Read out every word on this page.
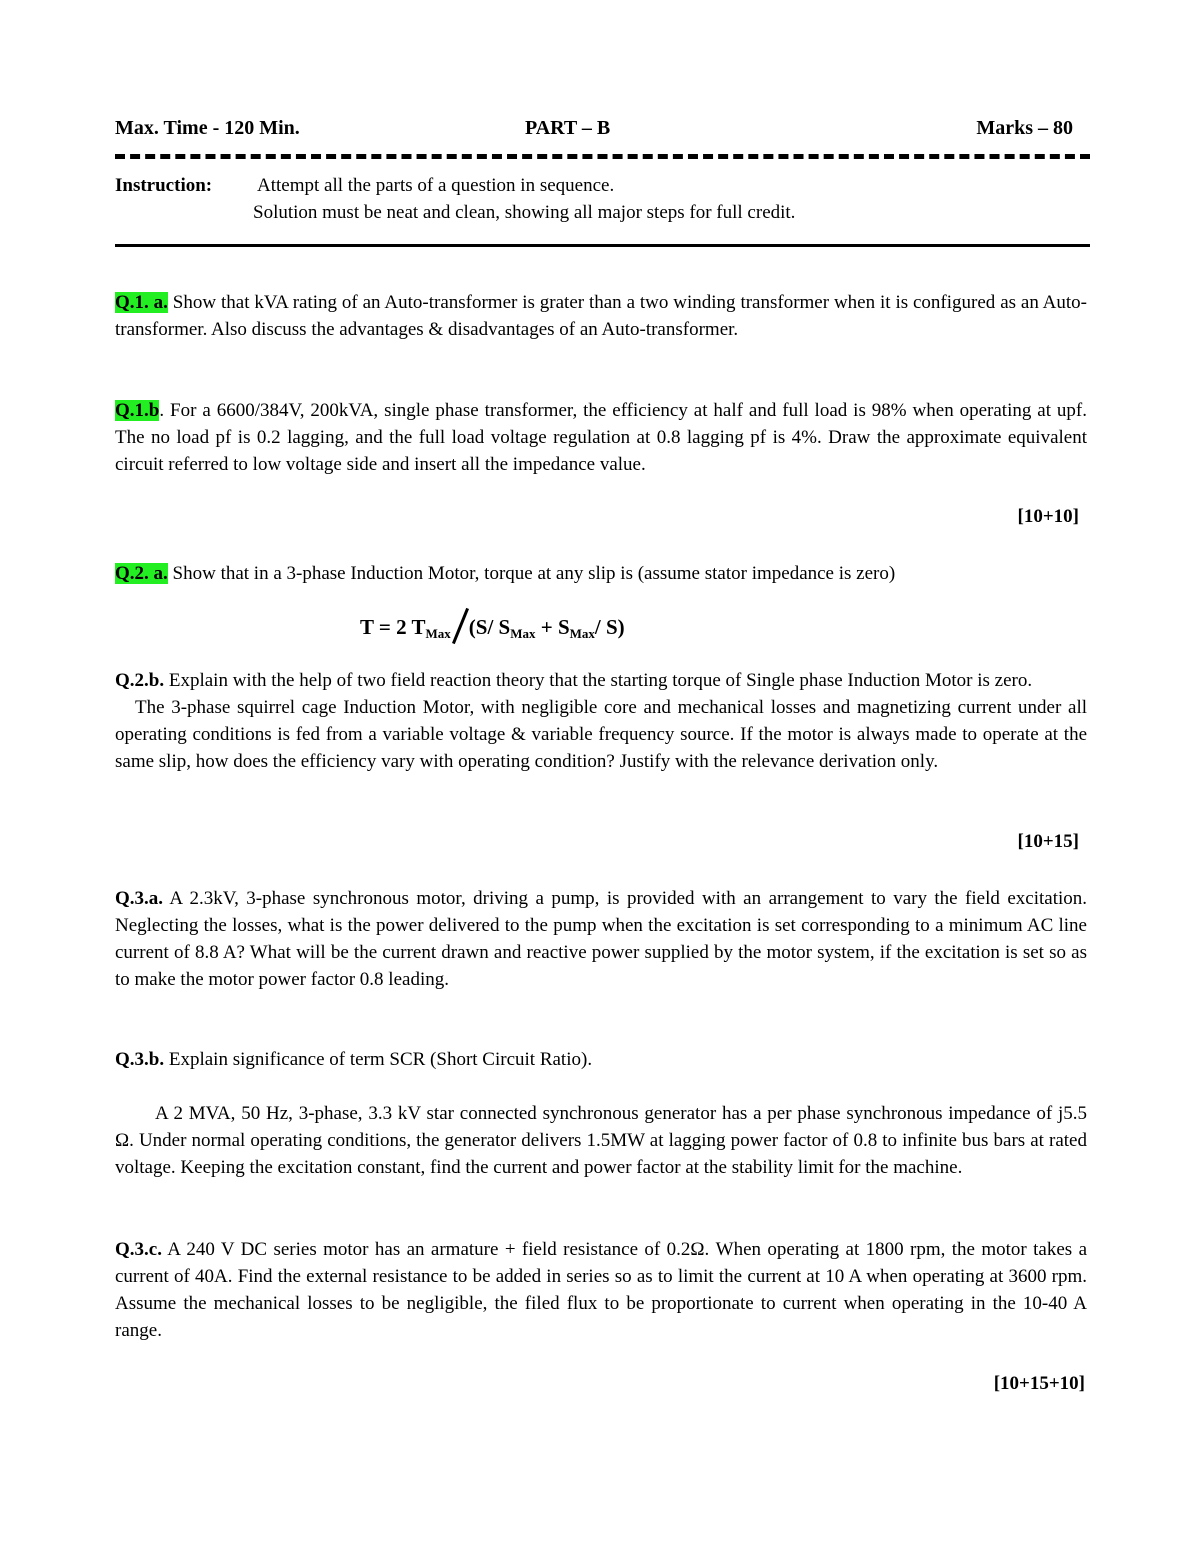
Max. Time - 120 Min.	PART – B	Marks – 80
Instruction: Attempt all the parts of a question in sequence.
Solution must be neat and clean, showing all major steps for full credit.
Q.1. a. Show that kVA rating of an Auto-transformer is grater than a two winding transformer when it is configured as an Auto-transformer. Also discuss the advantages & disadvantages of an Auto-transformer.
Q.1.b. For a 6600/384V, 200kVA, single phase transformer, the efficiency at half and full load is 98% when operating at upf. The no load pf is 0.2 lagging, and the full load voltage regulation at 0.8 lagging pf is 4%. Draw the approximate equivalent circuit referred to low voltage side and insert all the impedance value.
[10+10]
Q.2. a. Show that in a 3-phase Induction Motor, torque at any slip is (assume stator impedance is zero)
T = 2 $T_{Max}$ (S/ $S_{Max} + S_{Max}/$ S)
Q.2.b. Explain with the help of two field reaction theory that the starting torque of Single phase Induction Motor is zero.
The 3-phase squirrel cage Induction Motor, with negligible core and mechanical losses and magnetizing current under all operating conditions is fed from a variable voltage & variable frequency source. If the motor is always made to operate at the same slip, how does the efficiency vary with operating condition? Justify with the relevance derivation only.
[10+15]
Q.3.a. A 2.3kV, 3-phase synchronous motor, driving a pump, is provided with an arrangement to vary the field excitation. Neglecting the losses, what is the power delivered to the pump when the excitation is set corresponding to a minimum AC line current of 8.8 A? What will be the current drawn and reactive power supplied by the motor system, if the excitation is set so as to make the motor power factor 0.8 leading.
Q.3.b. Explain significance of term SCR (Short Circuit Ratio).
A 2 MVA, 50 Hz, 3-phase, 3.3 kV star connected synchronous generator has a per phase synchronous impedance of j5.5 Ω. Under normal operating conditions, the generator delivers 1.5MW at lagging power factor of 0.8 to infinite bus bars at rated voltage. Keeping the excitation constant, find the current and power factor at the stability limit for the machine.
Q.3.c. A 240 V DC series motor has an armature + field resistance of 0.2Ω. When operating at 1800 rpm, the motor takes a current of 40A. Find the external resistance to be added in series so as to limit the current at 10 A when operating at 3600 rpm. Assume the mechanical losses to be negligible, the filed flux to be proportionate to current when operating in the 10-40 A range.
[10+15+10]
